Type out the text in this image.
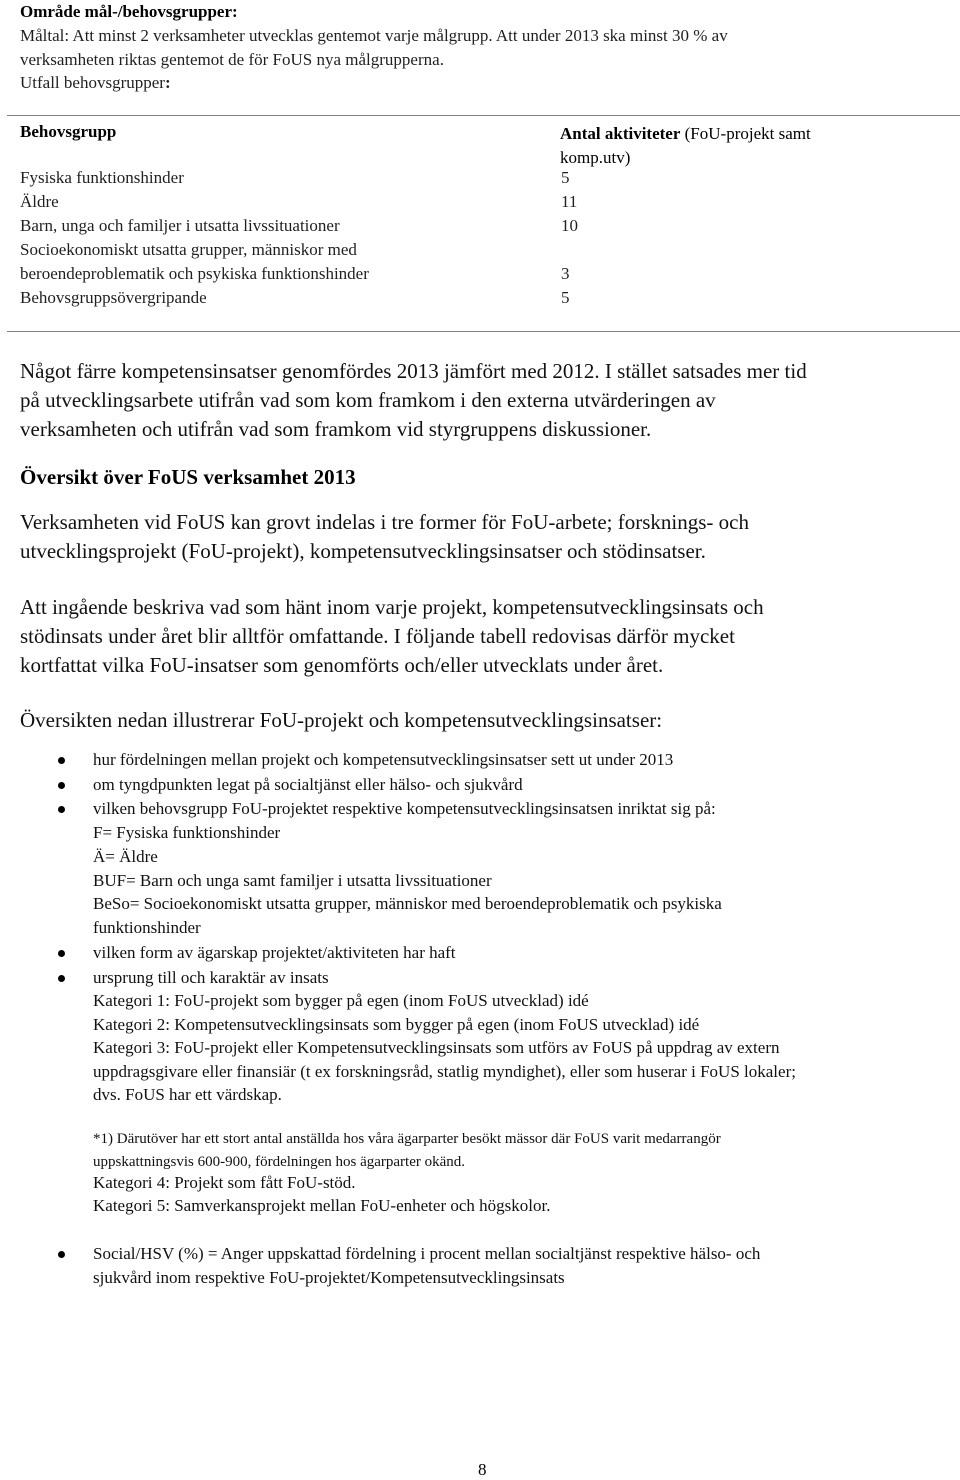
Område mål-/behovsgrupper:

Måltal: Att minst 2 verksamheter utvecklas gentemot varje målgrupp. Att under 2013 ska minst 30 % av
verksamheten riktas gentemot de för FoUS nya målgrupperna.

Utfall behovsgrupper:

Behovsgrupp	Antal aktiviteter (FoU-projekt samt
komp.utv)

Fysiska funktionshinder	5
Äldre	11
Barn, unga och familjer i utsatta livssituationer	10
Socioekonomiskt utsatta grupper, människor med
beroendeproblematik och psykiska funktionshinder	3
Behovsgruppsövergripande	5
Något färre kompetensinsatser genomfördes 2013 jämfört med 2012. I stället satsades mer tid
på utvecklingsarbete utifrån vad som kom framkom i den externa utvärderingen av
verksamheten och utifrån vad som framkom vid styrgruppens diskussioner.

Översikt över FoUS verksamhet 2013

Verksamheten vid FoUS kan grovt indelas i tre former för FoU-arbete; forsknings- och
utvecklingsprojekt (FoU-projekt), kompetensutvecklingsinsatser och stödinsatser.
Att ingående beskriva vad som hänt inom varje projekt, kompetensutvecklingsinsats och
stödinsats under året blir alltför omfattande. I följande tabell redovisas därför mycket
kortfattat vilka FoU-insatser som genomförts och/eller utvecklats under året.
Översikten nedan illustrerar FoU-projekt och kompetensutvecklingsinsatser:
hur fördelningen mellan projekt och kompetensutvecklingsinsatser sett ut under 2013
om tyngdpunkten legat på socialtjänst eller hälso- och sjukvård
vilken behovsgrupp FoU-projektet respektive kompetensutvecklingsinsatsen inriktat sig på:
F= Fysiska funktionshinder
Ä= Äldre
BUF= Barn och unga samt familjer i utsatta livssituationer
BeSo= Socioekonomiskt utsatta grupper, människor med beroendeproblematik och psykiska
funktionshinder
vilken form av ägarskap projektet/aktiviteten har haft
ursprung till och karaktär av insats
Kategori 1: FoU-projekt som bygger på egen (inom FoUS utvecklad) idé
Kategori 2: Kompetensutvecklingsinsats som bygger på egen (inom FoUS utvecklad) idé
Kategori 3: FoU-projekt eller Kompetensutvecklingsinsats som utförs av FoUS på uppdrag av extern
uppdragsgivare eller finansiär (t ex forskningsråd, statlig myndighet), eller som huserar i FoUS lokaler;
dvs. FoUS har ett värdskap.
*1) Därutöver har ett stort antal anställda hos våra ägarparter besökt mässor där FoUS varit medarrangör
uppskattningsvis 600-900, fördelningen hos ägarparter okänd.
Kategori 4: Projekt som fått FoU-stöd.
Kategori 5: Samverkansprojekt mellan FoU-enheter och högskolor.
Social/HSV (%) = Anger uppskattad fördelning i procent mellan socialtjänst respektive hälso- och
sjukvård inom respektive FoU-projektet/Kompetensutvecklingsinsats
8
